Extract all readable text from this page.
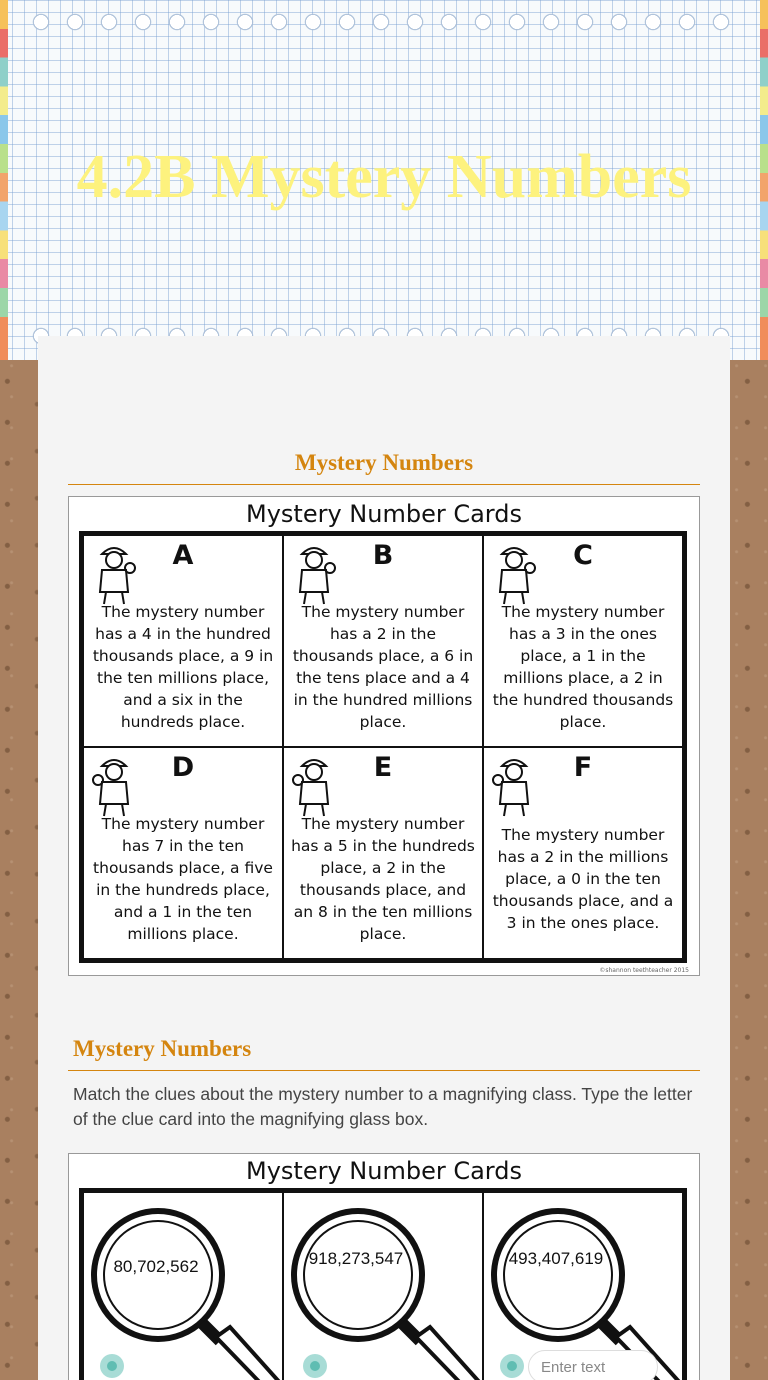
4.2B Mystery Numbers
Mystery Numbers
Mystery Number Cards
A
The mystery number has a 4 in the hundred thousands place, a 9 in the ten millions place, and a six in the hundreds place.
B
The mystery number has a 2 in the thousands place, a 6 in the tens place and a 4 in the hundred millions place.
C
The mystery number has a 3 in the ones place, a 1 in the millions place, a 2 in the hundred thousands place.
D
The mystery number has 7 in the ten thousands place, a five in the hundreds place, and a 1 in the ten millions place.
E
The mystery number has a 5 in the hundreds place, a 2 in the thousands place, and an 8 in the ten millions place.
F
The mystery number has a 2 in the millions place, a 0 in the ten thousands place, and a 3 in the ones place.
©shannon teethteacher 2015
Mystery Numbers

Match the clues about the mystery number to a magnifying class. Type the letter of the clue card into the magnifying glass box.

Mystery Number Cards
80,702,562	918,273,547	493,407,619
Enter text
